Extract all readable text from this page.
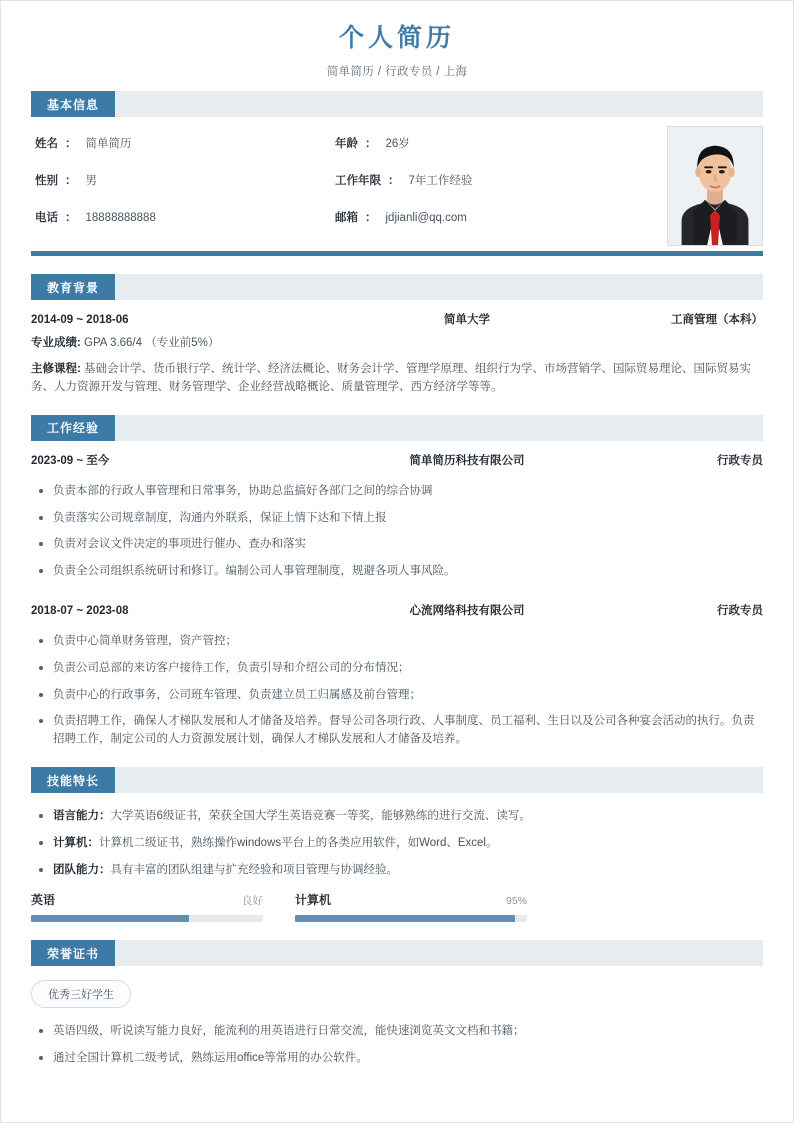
个人简历
简单简历 / 行政专员 / 上海
基本信息
姓名 ： 简单简历	年龄 ： 26岁
性别 ： 男	工作年限 ： 7年工作经验
电话 ： 18888888888	邮箱 ： jdjianli@qq.com
教育背景
2014-09 ~ 2018-06	简单大学	工商管理（本科）
专业成绩: GPA 3.66/4 （专业前5%）
主修课程: 基础会计学、货币银行学、统计学、经济法概论、财务会计学、管理学原理、组织行为学、市场营销学、国际贸易理论、国际贸易实务、人力资源开发与管理、财务管理学、企业经营战略概论、质量管理学、西方经济学等等。
工作经验
2023-09 ~ 至今	简单简历科技有限公司	行政专员
负责本部的行政人事管理和日常事务，协助总监搞好各部门之间的综合协调
负责落实公司规章制度，沟通内外联系，保证上情下达和下情上报
负责对会议文件决定的事项进行催办、查办和落实
负责全公司组织系统研讨和修订。编制公司人事管理制度，规避各项人事风险。
2018-07 ~ 2023-08	心流网络科技有限公司	行政专员
负责中心简单财务管理，资产管控；
负责公司总部的来访客户接待工作，负责引导和介绍公司的分布情况；
负责中心的行政事务，公司班车管理、负责建立员工归属感及前台管理；
负责招聘工作，确保人才梯队发展和人才储备及培养。督导公司各项行政、人事制度、员工福利、生日以及公司各种宴会活动的执行。负责招聘工作，制定公司的人力资源发展计划，确保人才梯队发展和人才储备及培养。
技能特长
语言能力：大学英语6级证书，荣获全国大学生英语竞赛一等奖，能够熟练的进行交流、读写。
计算机：计算机二级证书，熟练操作windows平台上的各类应用软件，如Word、Excel。
团队能力：具有丰富的团队组建与扩充经验和项目管理与协调经验。
英语	良好	计算机	95%
荣誉证书
优秀三好学生
英语四级，听说读写能力良好，能流利的用英语进行日常交流，能快速浏览英文文档和书籍；
通过全国计算机二级考试，熟练运用office等常用的办公软件。
